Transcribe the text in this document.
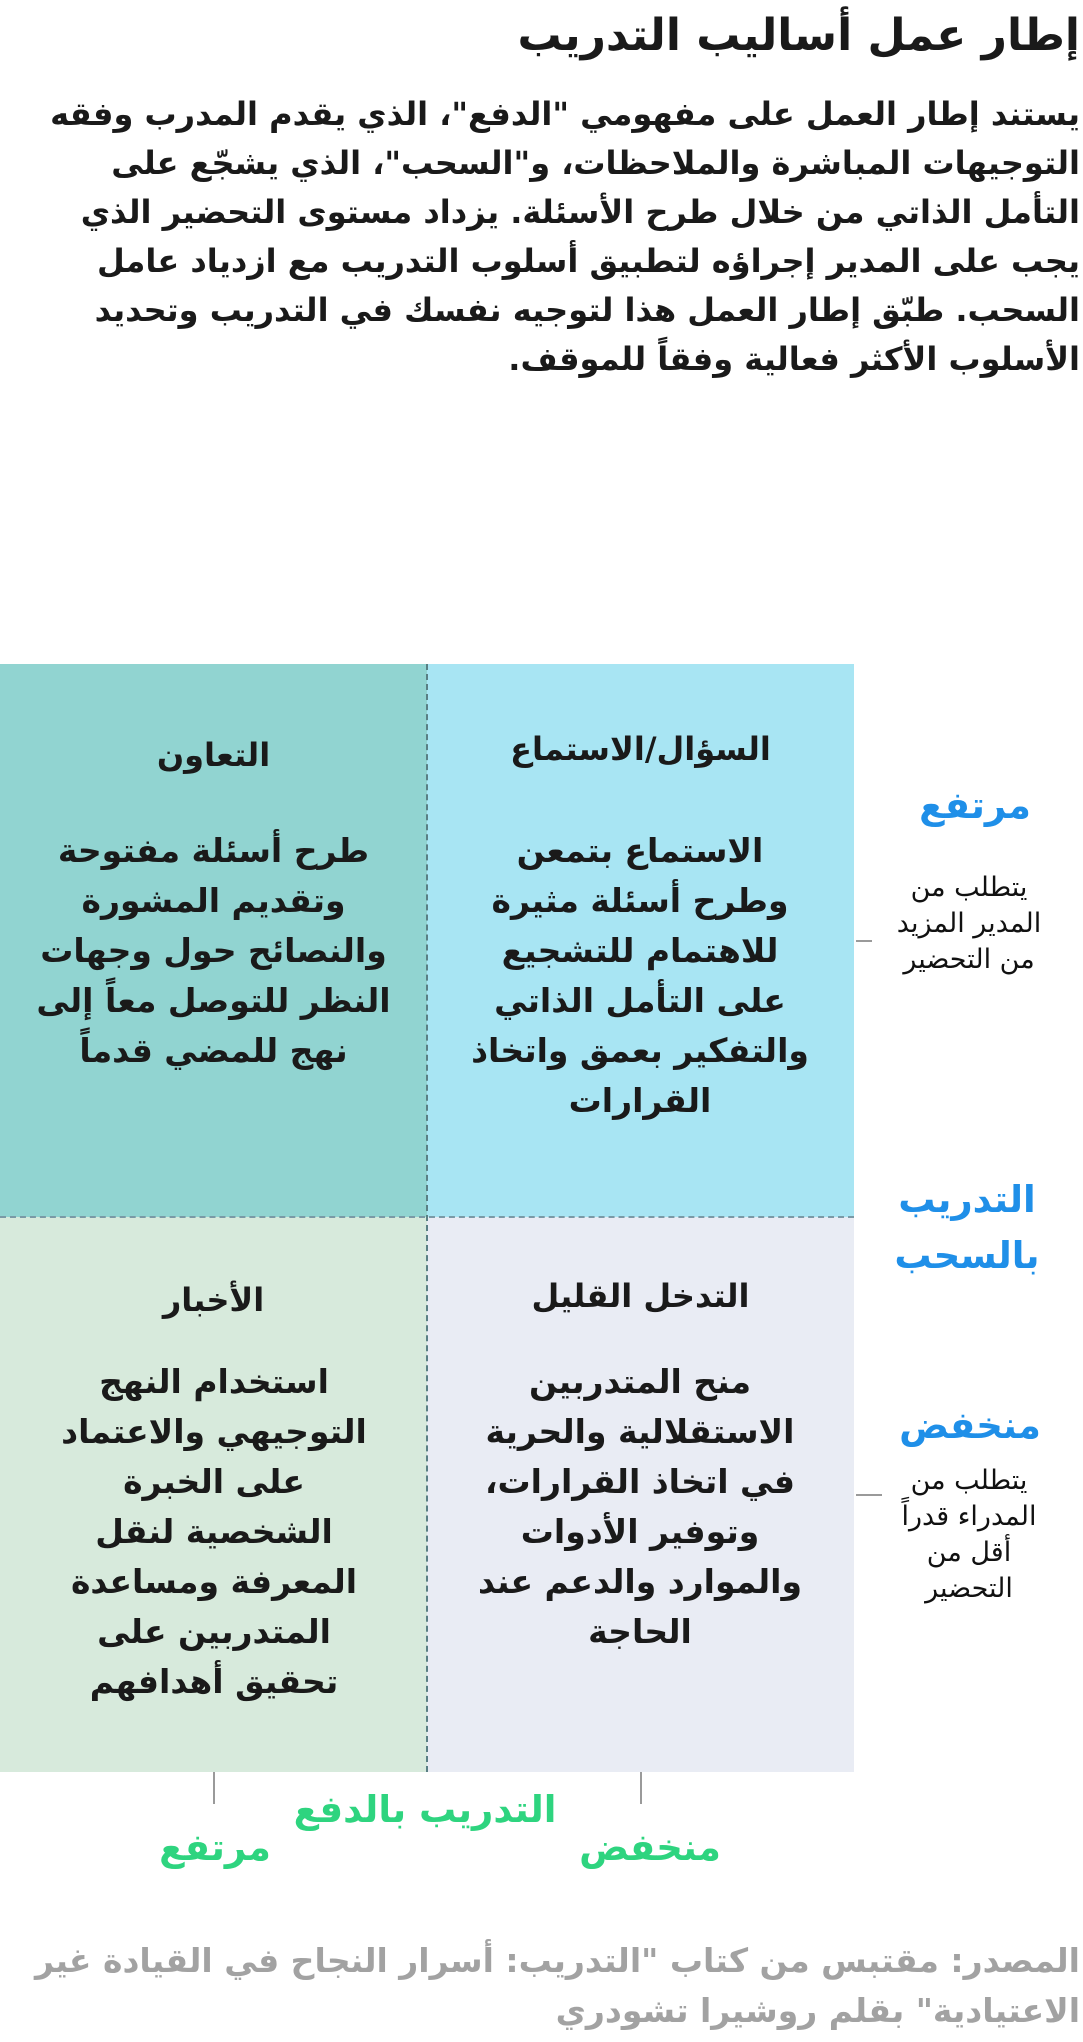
إطار عمل أساليب التدريب
يستند إطار العمل على مفهومي "الدفع"، الذي يقدم المدرب وفقه التوجيهات المباشرة والملاحظات، و"السحب"، الذي يشجّع على التأمل الذاتي من خلال طرح الأسئلة. يزداد مستوى التحضير الذي يجب على المدير إجراؤه لتطبيق أسلوب التدريب مع ازدياد عامل السحب. طبّق إطار العمل هذا لتوجيه نفسك في التدريب وتحديد الأسلوب الأكثر فعالية وفقاً للموقف.
السؤال/الاستماع
الاستماع بتمعن وطرح أسئلة مثيرة للاهتمام للتشجيع على التأمل الذاتي والتفكير بعمق واتخاذ القرارات
التعاون
طرح أسئلة مفتوحة وتقديم المشورة والنصائح حول وجهات النظر للتوصل معاً إلى نهج للمضي قدماً
التدخل القليل
منح المتدربين الاستقلالية والحرية في اتخاذ القرارات، وتوفير الأدوات والموارد والدعم عند الحاجة
الأخبار
استخدام النهج التوجيهي والاعتماد على الخبرة الشخصية لنقل المعرفة ومساعدة المتدربين على تحقيق أهدافهم
مرتفع
يتطلب من المدير المزيد من التحضير
التدريب بالسحب
منخفض
يتطلب من المدراء قدراً أقل من التحضير
التدريب بالدفع
مرتفع	منخفض
المصدر: مقتبس من كتاب "التدريب: أسرار النجاح في القيادة غير الاعتيادية" بقلم روشيرا تشودري
